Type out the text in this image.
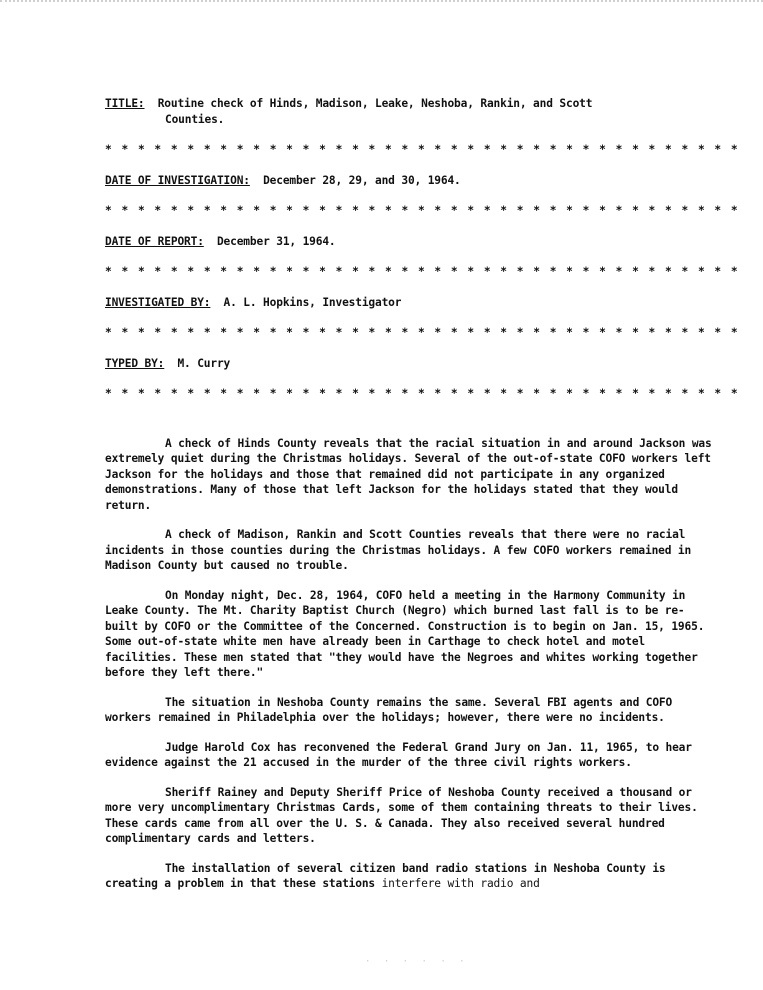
TITLE: Routine check of Hinds, Madison, Leake, Neshoba, Rankin, and Scott

Counties.

* * * * * * * * * * * * * * * * * * * * * * * * * * * * * * * * * * * * * * *

DATE OF INVESTIGATION: December 28, 29, and 30, 1964.

* * * * * * * * * * * * * * * * * * * * * * * * * * * * * * * * * * * * * * *

DATE OF REPORT: December 31, 1964.

* * * * * * * * * * * * * * * * * * * * * * * * * * * * * * * * * * * * * * *

INVESTIGATED BY: A. L. Hopkins, Investigator

* * * * * * * * * * * * * * * * * * * * * * * * * * * * * * * * * * * * * * *

TYPED BY: M. Curry

* * * * * * * * * * * * * * * * * * * * * * * * * * * * * * * * * * * * * * *

A check of Hinds County reveals that the racial situation in and around Jackson was extremely quiet during the Christmas holidays. Several of the out-of-state COFO workers left Jackson for the holidays and those that remained did not participate in any organized demonstrations. Many of those that left Jackson for the holidays stated that they would return.

A check of Madison, Rankin and Scott Counties reveals that there were no racial incidents in those counties during the Christmas holidays. A few COFO workers remained in Madison County but caused no trouble.

On Monday night, Dec. 28, 1964, COFO held a meeting in the Harmony Community in Leake County. The Mt. Charity Baptist Church (Negro) which burned last fall is to be re-built by COFO or the Committee of the Concerned. Construction is to begin on Jan. 15, 1965. Some out-of-state white men have already been in Carthage to check hotel and motel facilities. These men stated that "they would have the Negroes and whites working together before they left there."

The situation in Neshoba County remains the same. Several FBI agents and COFO workers remained in Philadelphia over the holidays; however, there were no incidents.

Judge Harold Cox has reconvened the Federal Grand Jury on Jan. 11, 1965, to hear evidence against the 21 accused in the murder of the three civil rights workers.

Sheriff Rainey and Deputy Sheriff Price of Neshoba County received a thousand or more very uncomplimentary Christmas Cards, some of them containing threats to their lives. These cards came from all over the U. S. & Canada. They also received several hundred complimentary cards and letters.

The installation of several citizen band radio stations in Neshoba County is creating a problem in that these stations interfere with radio and

· · · · · ·
